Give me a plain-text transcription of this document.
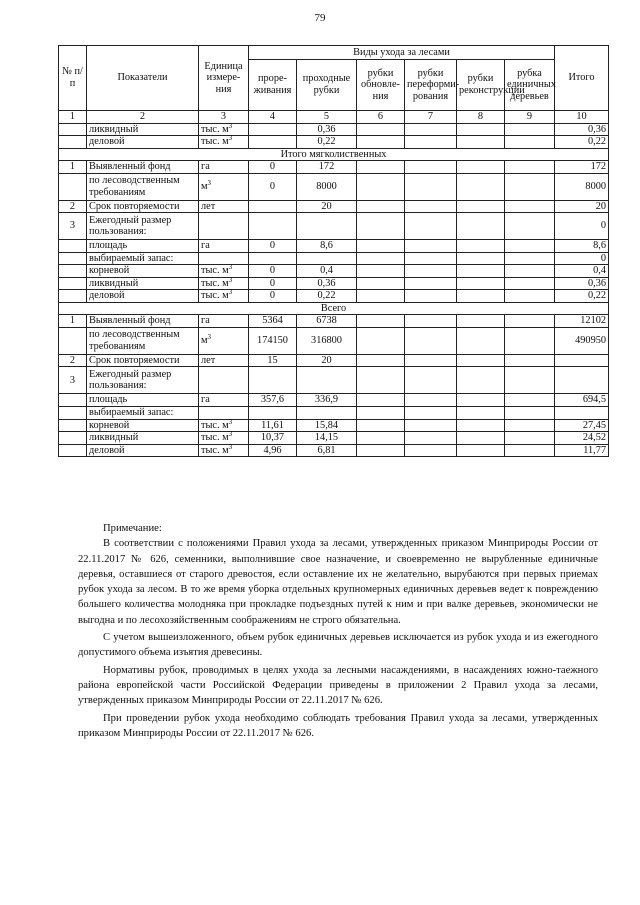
79
№ п/п	Показатели	Единица измере-ния	Виды ухода за лесами						Итого
			проре-живания	проходные рубки	рубки обновле-ния	рубки переформи-рования	рубки реконструкции	рубка единичных деревьев	
1	2	3	4	5	6	7	8	9	10
	ликвидный	тыс. $м^3$		0,36					0,36
	деловой	тыс. $м^3$		0,22					0,22
Итого мягколиственных									
1	Выявленный фонд	га	0	172					172
	по лесоводственным требованиям	$м^3$	0	8000					8000
2	Срок повторяемости	лет		20					20
3	Ежегодный размер пользования:								0
	площадь	га	0	8,6					8,6
	выбираемый запас:								0
	корневой	тыс. $м^3$	0	0,4					0,4
	ликвидный	тыс. $м^3$	0	0,36					0,36
	деловой	тыс. $м^3$	0	0,22					0,22
Всего									
1	Выявленный фонд	га	5364	6738					12102
	по лесоводственным требованиям	$м^3$	174150	316800					490950
2	Срок повторяемости	лет	15	20					
3	Ежегодный размер пользования:								
	площадь	га	357,6	336,9					694,5
	выбираемый запас:								
	корневой	тыс. $м^3$	11,61	15,84					27,45
	ликвидный	тыс. $м^3$	10,37	14,15					24,52
	деловой	тыс. $м^3$	4,96	6,81					11,77

Примечание:

В соответствии с положениями Правил ухода за лесами, утвержденных приказом Минприроды России от 22.11.2017 № 626, семенники, выполнившие свое назначение, и своевременно не вырубленные единичные деревья, оставшиеся от старого древостоя, если оставление их не желательно, вырубаются при первых приемах рубок ухода за лесом. В то же время уборка отдельных крупномерных единичных деревьев ведет к повреждению большего количества молодняка при прокладке подъездных путей к ним и при валке деревьев, экономически не выгодна и по лесохозяйственным соображениям не строго обязательна.

С учетом вышеизложенного, объем рубок единичных деревьев исключается из рубок ухода и из ежегодного допустимого объема изъятия древесины.

Нормативы рубок, проводимых в целях ухода за лесными насаждениями, в насаждениях южно-таежного района европейской части Российской Федерации приведены в приложении 2 Правил ухода за лесами, утвержденных приказом Минприроды России от 22.11.2017 № 626.

При проведении рубок ухода необходимо соблюдать требования Правил ухода за лесами, утвержденных приказом Минприроды России от 22.11.2017 № 626.
